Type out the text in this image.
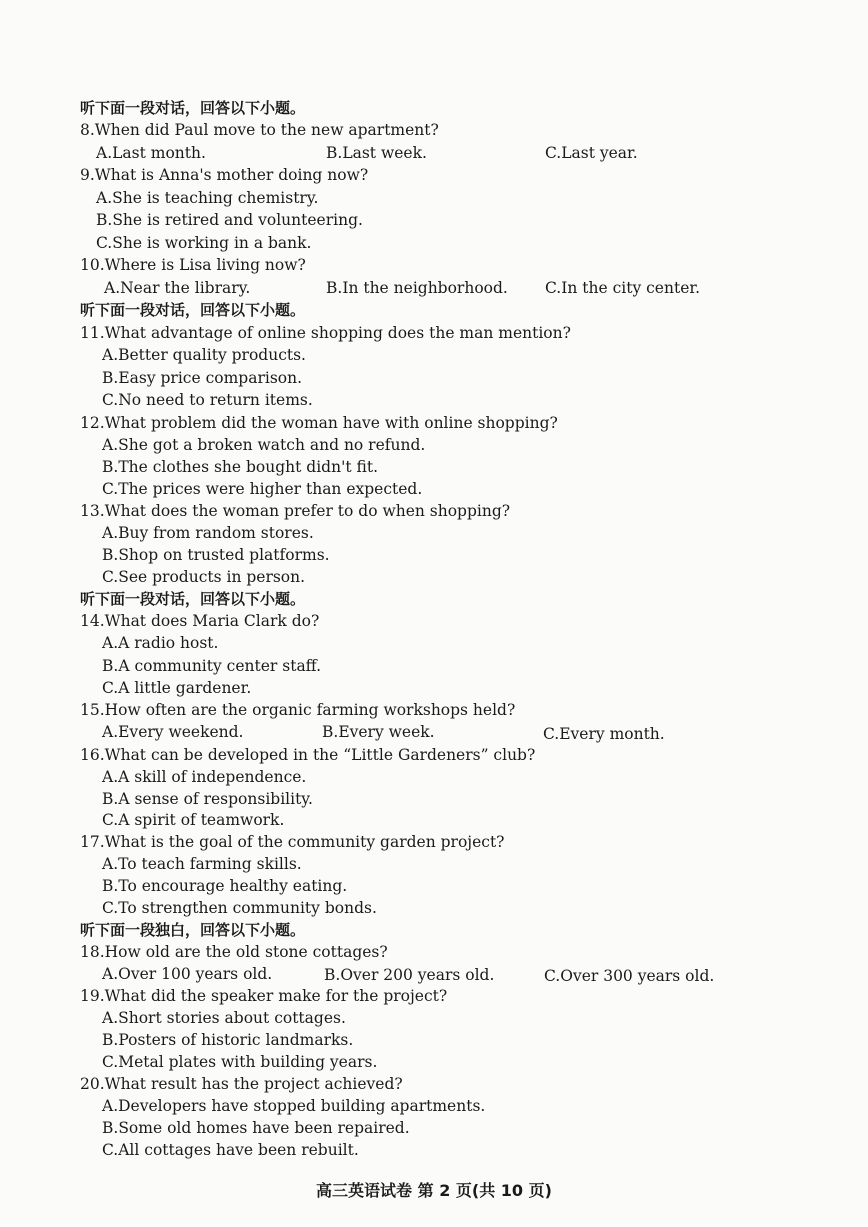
听下面一段对话，回答以下小题。
8.When did Paul move to the new apartment?
A.Last month.	B.Last week.	C.Last year.
9.What is Anna's mother doing now?
A.She is teaching chemistry.
B.She is retired and volunteering.
C.She is working in a bank.
10.Where is Lisa living now?
A.Near the library.	B.In the neighborhood. C.In the city center.
听下面一段对话，回答以下小题。
11.What advantage of online shopping does the man mention?
A.Better quality products.
B.Easy price comparison.
C.No need to return items.
12.What problem did the woman have with online shopping?
A.She got a broken watch and no refund.
B.The clothes she bought didn't fit.
C.The prices were higher than expected.
13.What does the woman prefer to do when shopping?
A.Buy from random stores.
B.Shop on trusted platforms.
C.See products in person.
听下面一段对话，回答以下小题。
14.What does Maria Clark do?
A.A radio host.
B.A community center staff.
C.A little gardener.
15.How often are the organic farming workshops held?
A.Every weekend.	B.Every week.	C.Every month.
16.What can be developed in the “Little Gardeners” club?
A.A skill of independence.
B.A sense of responsibility.
C.A spirit of teamwork.
17.What is the goal of the community garden project?
A.To teach farming skills.
B.To encourage healthy eating.
C.To strengthen community bonds.
听下面一段独白，回答以下小题。
18.How old are the old stone cottages?
A.Over 100 years old.	B.Over 200 years old.	C.Over 300 years old.
19.What did the speaker make for the project?
A.Short stories about cottages.
B.Posters of historic landmarks.
C.Metal plates with building years.
20.What result has the project achieved?
A.Developers have stopped building apartments.
B.Some old homes have been repaired.
C.All cottages have been rebuilt.
高三英语试卷 第 2 页(共 10 页)
